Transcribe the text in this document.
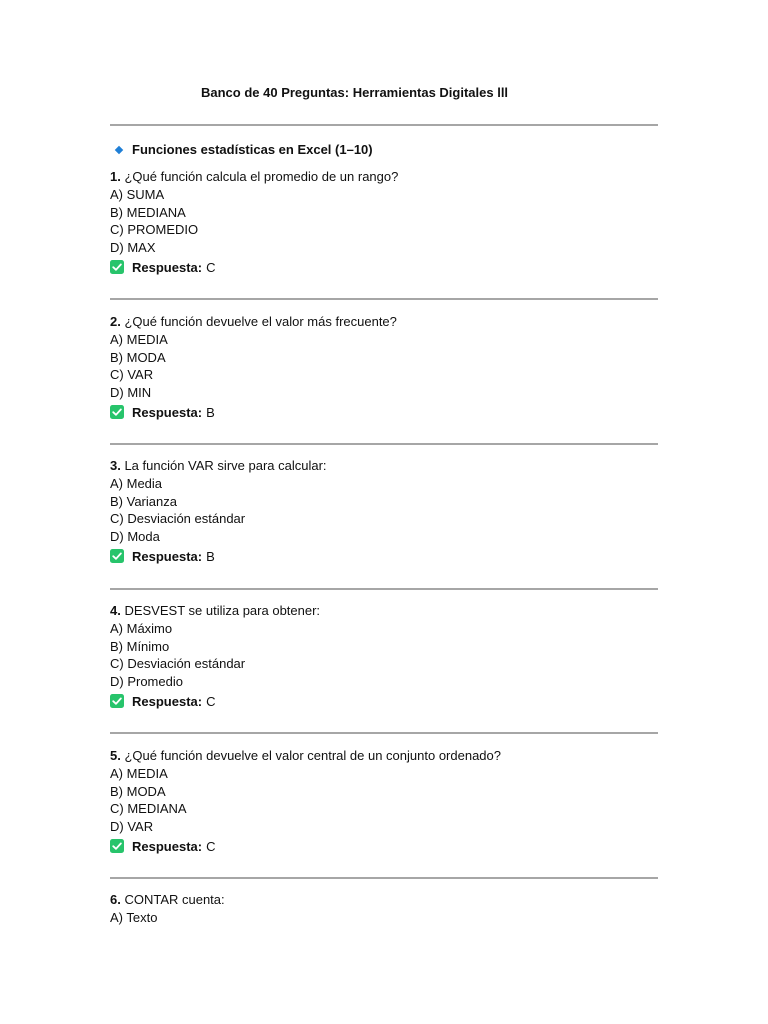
Banco de 40 Preguntas: Herramientas Digitales lll
Funciones estadísticas en Excel (1–10)
1. ¿Qué función calcula el promedio de un rango?
A) SUMA
B) MEDIANA
C) PROMEDIO
D) MAX
Respuesta: C
2. ¿Qué función devuelve el valor más frecuente?
A) MEDIA
B) MODA
C) VAR
D) MIN
Respuesta: B
3. La función VAR sirve para calcular:
A) Media
B) Varianza
C) Desviación estándar
D) Moda
Respuesta: B
4. DESVEST se utiliza para obtener:
A) Máximo
B) Mínimo
C) Desviación estándar
D) Promedio
Respuesta: C
5. ¿Qué función devuelve el valor central de un conjunto ordenado?
A) MEDIA
B) MODA
C) MEDIANA
D) VAR
Respuesta: C
6. CONTAR cuenta:
A) Texto
